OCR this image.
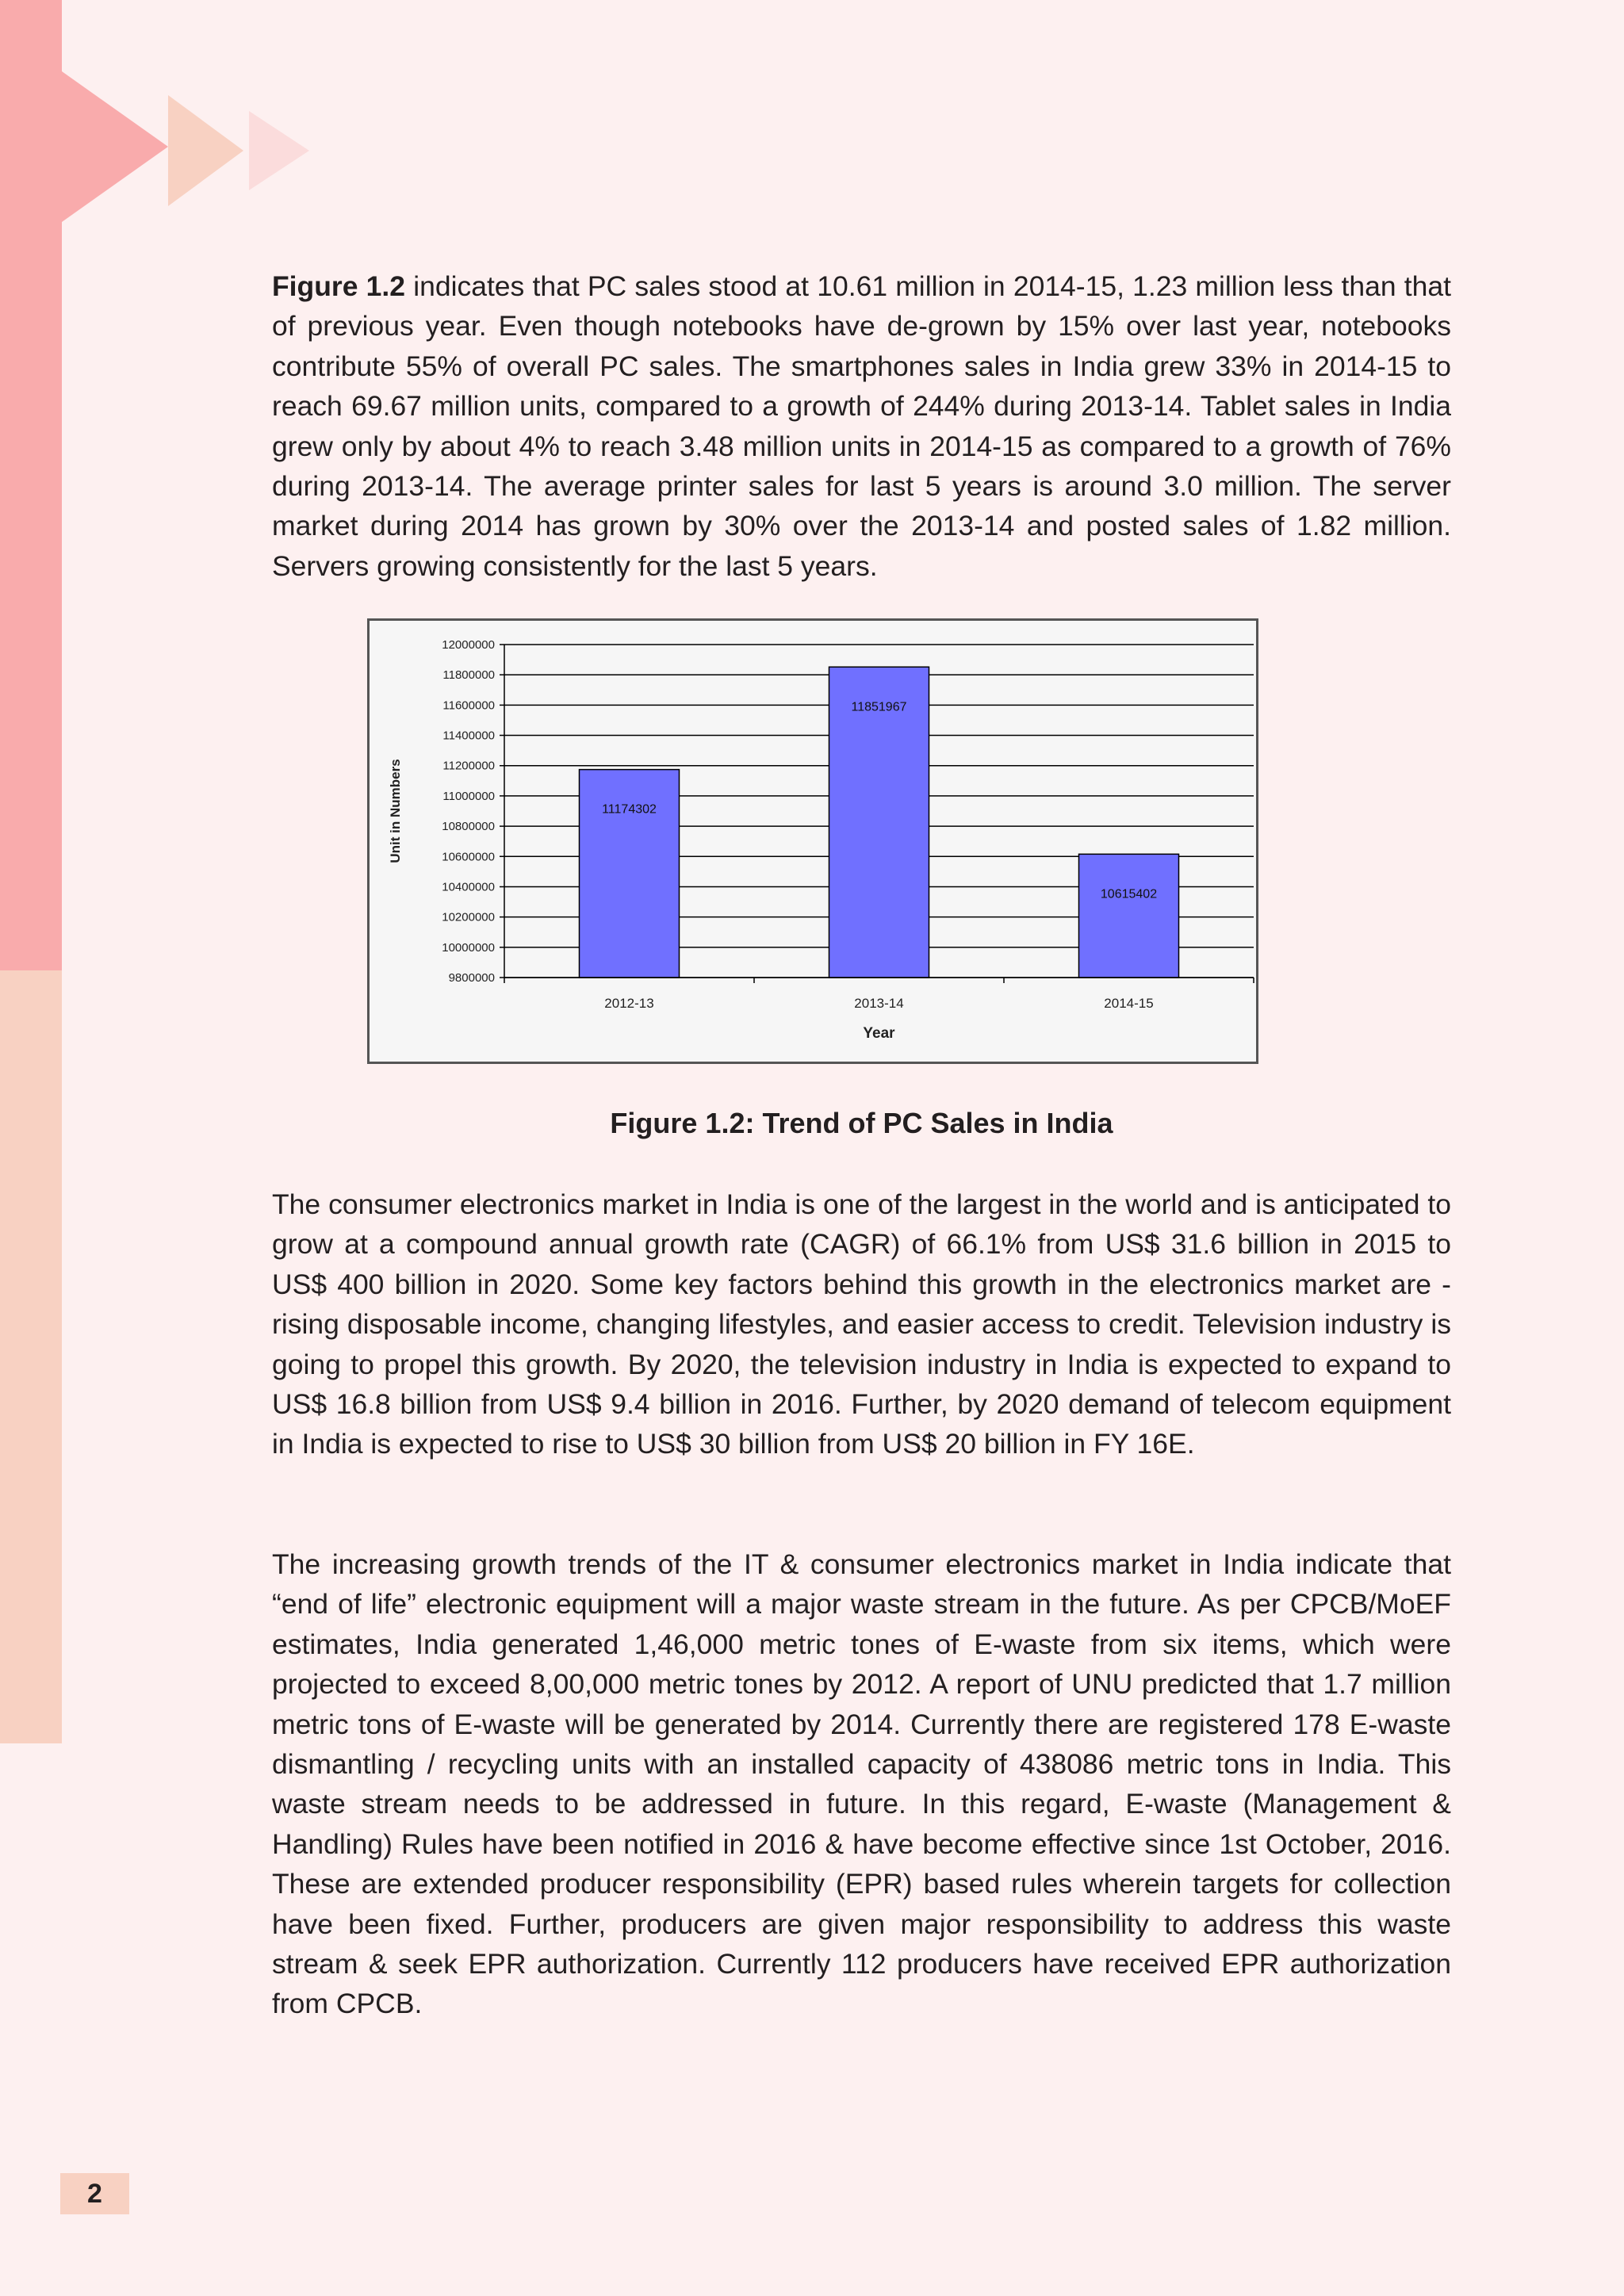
Figure 1.2 indicates that PC sales stood at 10.61 million in 2014-15, 1.23 million less than that of previous year. Even though notebooks have de-grown by 15% over last year, notebooks contribute 55% of overall PC sales. The smartphones sales in India grew 33% in 2014-15 to reach 69.67 million units, compared to a growth of 244% during 2013-14. Tablet sales in India grew only by about 4% to reach 3.48 million units in 2014-15 as compared to a growth of 76% during 2013-14. The average printer sales for last 5 years is around 3.0 million. The server market during 2014 has grown by 30% over the 2013-14 and posted sales of 1.82 million. Servers growing consistently for the last 5 years.

9800000
10000000
10200000
10400000
10600000
10800000
11000000
11200000
11400000
11600000
11800000
12000000
11174302
2012-13
11851967
2013-14
10615402
2014-15
Year
Unit in Numbers
Figure 1.2: Trend of PC Sales in India

The consumer electronics market in India is one of the largest in the world and is anticipated to grow at a compound annual growth rate (CAGR) of 66.1% from US$ 31.6 billion in 2015 to US$ 400 billion in 2020. Some key factors behind this growth in the electronics market are - rising disposable income, changing lifestyles, and easier access to credit. Television industry is going to propel this growth. By 2020, the television industry in India is expected to expand to US$ 16.8 billion from US$ 9.4 billion in 2016. Further, by 2020 demand of telecom equipment in India is expected to rise to US$ 30 billion from US$ 20 billion in FY 16E.

The increasing growth trends of the IT & consumer electronics market in India indicate that “end of life” electronic equipment will a major waste stream in the future. As per CPCB/MoEF estimates, India generated 1,46,000 metric tones of E-waste from six items, which were projected to exceed 8,00,000 metric tones by 2012. A report of UNU predicted that 1.7 million metric tons of E-waste will be generated by 2014. Currently there are registered 178 E-waste dismantling / recycling units with an installed capacity of 438086 metric tons in India. This waste stream needs to be addressed in future. In this regard, E-waste (Management & Handling) Rules have been notified in 2016 & have become effective since 1st October, 2016. These are extended producer responsibility (EPR) based rules wherein targets for collection have been fixed. Further, producers are given major responsibility to address this waste stream & seek EPR authorization. Currently 112 producers have received EPR authorization from CPCB.

2
